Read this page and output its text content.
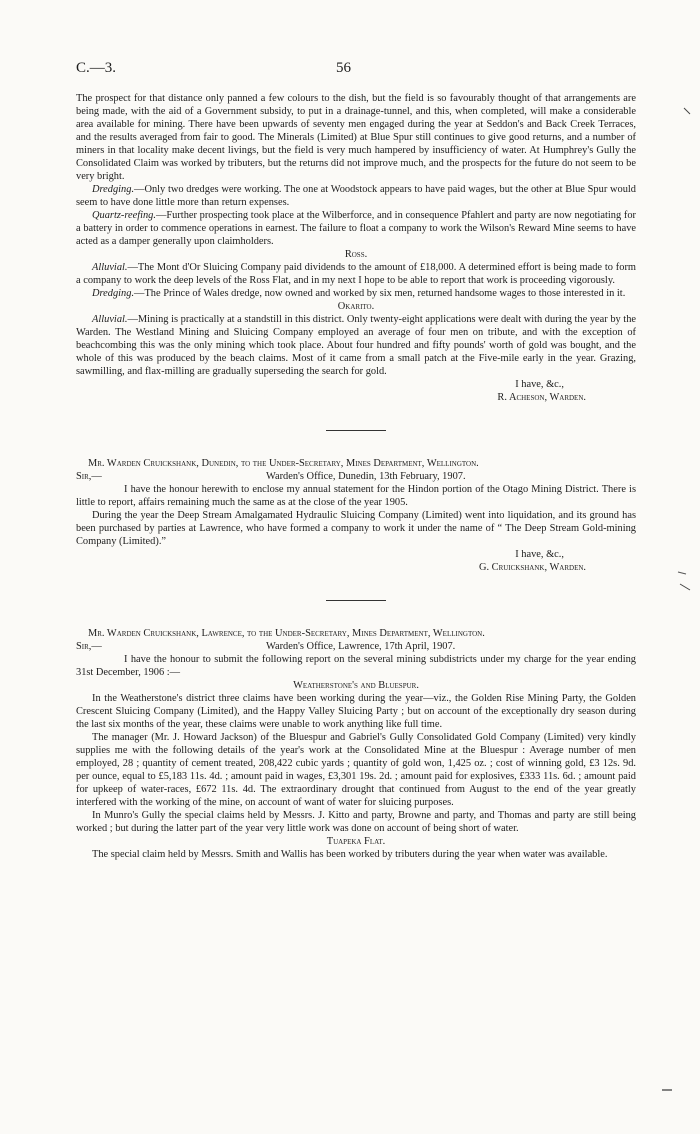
C.—3.	56

The prospect for that distance only panned a few colours to the dish, but the field is so favourably thought of that arrangements are being made, with the aid of a Government subsidy, to put in a drainage-tunnel, and this, when completed, will make a considerable area available for mining. There have been upwards of seventy men engaged during the year at Seddon's and Back Creek Terraces, and the results averaged from fair to good. The Minerals (Limited) at Blue Spur still continues to give good returns, and a number of miners in that locality make decent livings, but the field is very much hampered by insufficiency of water. At Humphrey's Gully the Consolidated Claim was worked by tributers, but the returns did not improve much, and the prospects for the future do not seem to be very bright.

Dredging.—Only two dredges were working. The one at Woodstock appears to have paid wages, but the other at Blue Spur would seem to have done little more than return expenses.

Quartz-reefing.—Further prospecting took place at the Wilberforce, and in consequence Pfahlert and party are now negotiating for a battery in order to commence operations in earnest. The failure to float a company to work the Wilson's Reward Mine seems to have acted as a damper generally upon claimholders.

Ross.

Alluvial.—The Mont d'Or Sluicing Company paid dividends to the amount of £18,000. A determined effort is being made to form a company to work the deep levels of the Ross Flat, and in my next I hope to be able to report that work is proceeding vigorously.

Dredging.—The Prince of Wales dredge, now owned and worked by six men, returned handsome wages to those interested in it.

Okarito.

Alluvial.—Mining is practically at a standstill in this district. Only twenty-eight applications were dealt with during the year by the Warden. The Westland Mining and Sluicing Company employed an average of four men on tribute, and with the exception of beachcombing this was the only mining which took place. About four hundred and fifty pounds' worth of gold was bought, and the whole of this was produced by the beach claims. Most of it came from a small patch at the Five-mile early in the year. Grazing, sawmilling, and flax-milling are gradually superseding the search for gold.

I have, &c.,

R. Acheson, Warden.

Mr. Warden Cruickshank, Dunedin, to the Under-Secretary, Mines Department, Wellington.

Sir,—	Warden's Office, Dunedin, 13th February, 1907.

I have the honour herewith to enclose my annual statement for the Hindon portion of the Otago Mining District. There is little to report, affairs remaining much the same as at the close of the year 1905.

During the year the Deep Stream Amalgamated Hydraulic Sluicing Company (Limited) went into liquidation, and its ground has been purchased by parties at Lawrence, who have formed a company to work it under the name of “ The Deep Stream Gold-mining Company (Limited).”

I have, &c.,

G. Cruickshank, Warden.

Mr. Warden Cruickshank, Lawrence, to the Under-Secretary, Mines Department, Wellington.

Sir,—	Warden's Office, Lawrence, 17th April, 1907.

I have the honour to submit the following report on the several mining subdistricts under my charge for the year ending 31st December, 1906 :—

Weatherstone's and Bluespur.

In the Weatherstone's district three claims have been working during the year—viz., the Golden Rise Mining Party, the Golden Crescent Sluicing Company (Limited), and the Happy Valley Sluicing Party ; but on account of the exceptionally dry season during the last six months of the year, these claims were unable to work anything like full time.

The manager (Mr. J. Howard Jackson) of the Bluespur and Gabriel's Gully Consolidated Gold Company (Limited) very kindly supplies me with the following details of the year's work at the Consolidated Mine at the Bluespur : Average number of men employed, 28 ; quantity of cement treated, 208,422 cubic yards ; quantity of gold won, 1,425 oz. ; cost of winning gold, £3 12s. 9d. per ounce, equal to £5,183 11s. 4d. ; amount paid in wages, £3,301 19s. 2d. ; amount paid for explosives, £333 11s. 6d. ; amount paid for upkeep of water-races, £672 11s. 4d. The extraordinary drought that continued from August to the end of the year greatly interfered with the working of the mine, on account of want of water for sluicing purposes.

In Munro's Gully the special claims held by Messrs. J. Kitto and party, Browne and party, and Thomas and party are still being worked ; but during the latter part of the year very little work was done on account of being short of water.

Tuapeka Flat.

The special claim held by Messrs. Smith and Wallis has been worked by tributers during the year when water was available.
